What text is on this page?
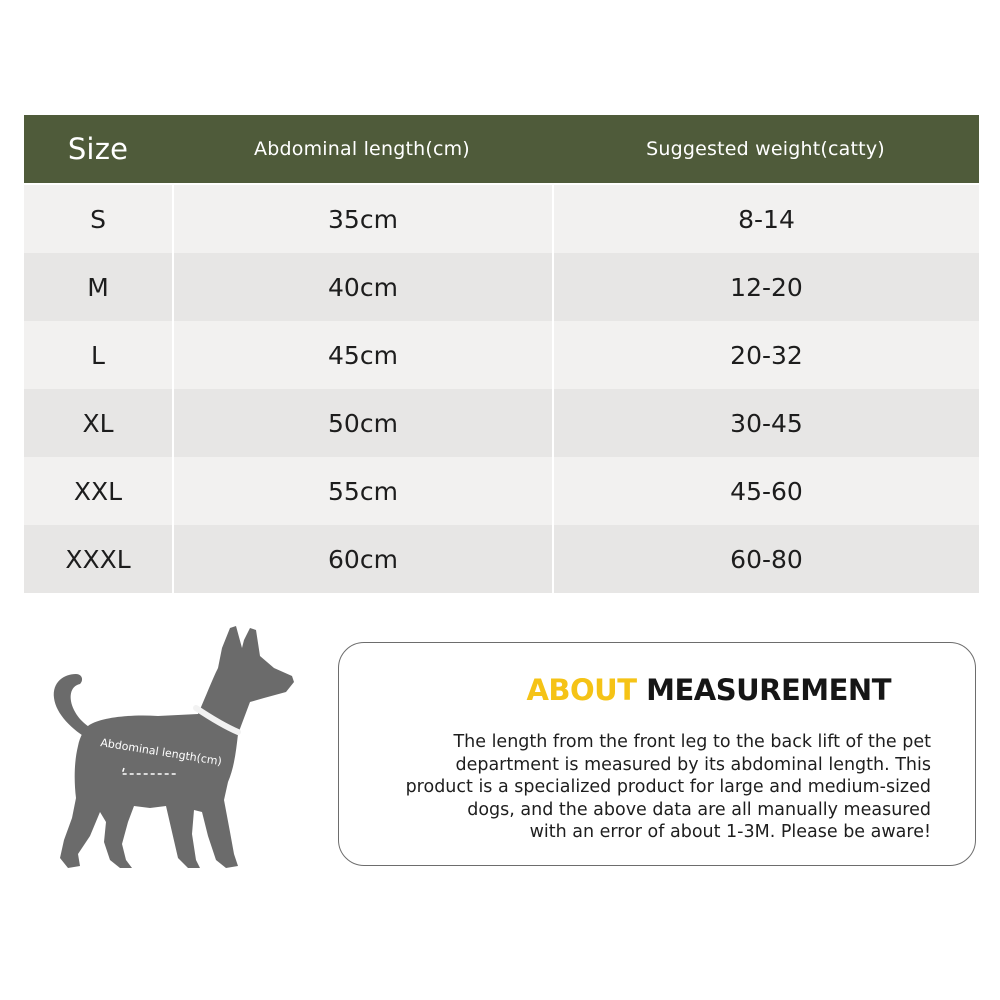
Size	Abdominal length(cm)	Suggested weight(catty)
S	35cm	8-14
M	40cm	12-20
L	45cm	20-32
XL	50cm	30-45
XXL	55cm	45-60
XXXL	60cm	60-80
Abdominal length(cm)
ABOUT MEASUREMENT
The length from the front leg to the back lift of the pet
department is measured by its abdominal length. This
product is a specialized product for large and medium-sized
dogs, and the above data are all manually measured
with an error of about 1-3M. Please be aware!
